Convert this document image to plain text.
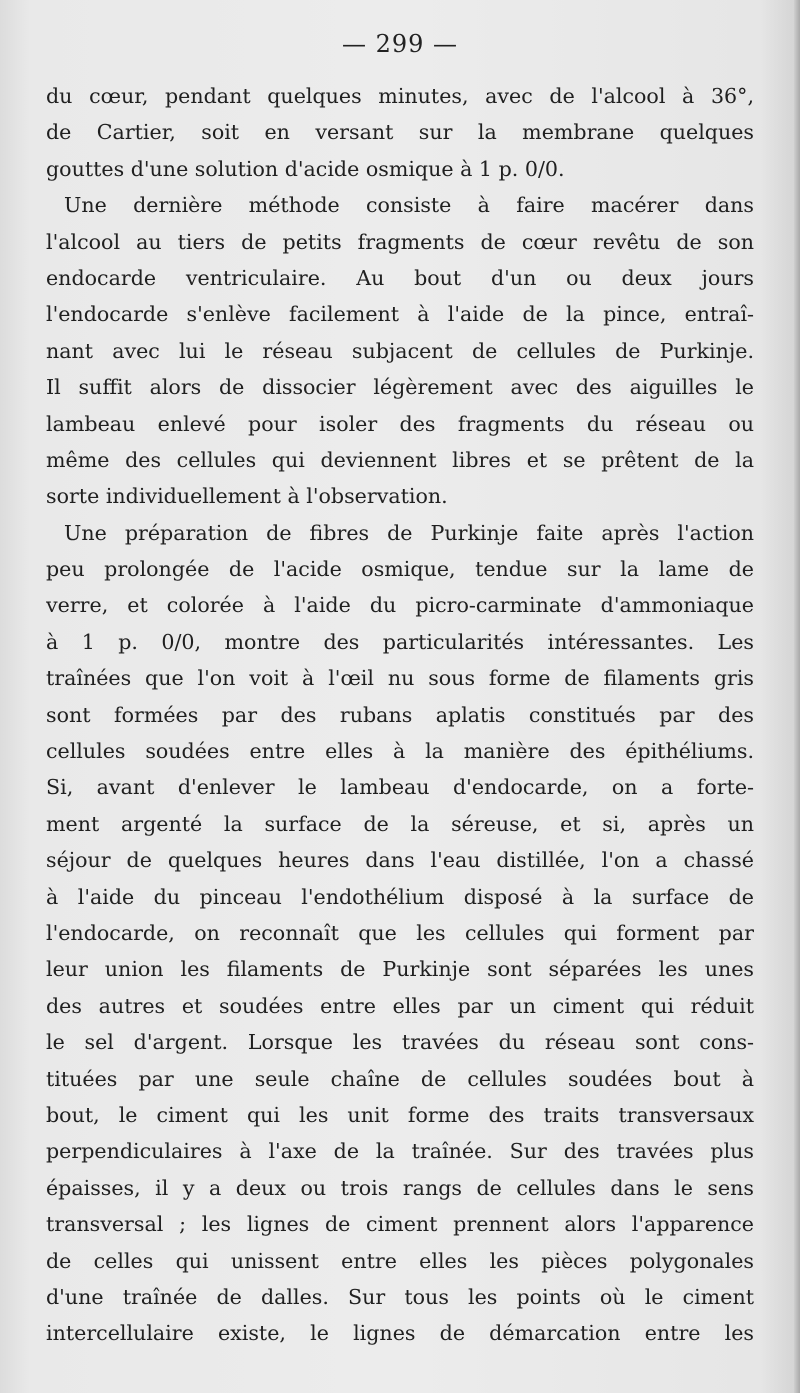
— 299 —
du cœur, pendant quelques minutes, avec de l'alcool à 36°,
de Cartier, soit en versant sur la membrane quelques
gouttes d'une solution d'acide osmique à 1 p. 0/0.
Une dernière méthode consiste à faire macérer dans
l'alcool au tiers de petits fragments de cœur revêtu de son
endocarde ventriculaire. Au bout d'un ou deux jours
l'endocarde s'enlève facilement à l'aide de la pince, entraî-
nant avec lui le réseau subjacent de cellules de Purkinje.
Il suffit alors de dissocier légèrement avec des aiguilles le
lambeau enlevé pour isoler des fragments du réseau ou
même des cellules qui deviennent libres et se prêtent de la
sorte individuellement à l'observation.
Une préparation de fibres de Purkinje faite après l'action
peu prolongée de l'acide osmique, tendue sur la lame de
verre, et colorée à l'aide du picro-carminate d'ammoniaque
à 1 p. 0/0, montre des particularités intéressantes. Les
traînées que l'on voit à l'œil nu sous forme de filaments gris
sont formées par des rubans aplatis constitués par des
cellules soudées entre elles à la manière des épithéliums.
Si, avant d'enlever le lambeau d'endocarde, on a forte-
ment argenté la surface de la séreuse, et si, après un
séjour de quelques heures dans l'eau distillée, l'on a chassé
à l'aide du pinceau l'endothélium disposé à la surface de
l'endocarde, on reconnaît que les cellules qui forment par
leur union les filaments de Purkinje sont séparées les unes
des autres et soudées entre elles par un ciment qui réduit
le sel d'argent. Lorsque les travées du réseau sont cons-
tituées par une seule chaîne de cellules soudées bout à
bout, le ciment qui les unit forme des traits transversaux
perpendiculaires à l'axe de la traînée. Sur des travées plus
épaisses, il y a deux ou trois rangs de cellules dans le sens
transversal ; les lignes de ciment prennent alors l'apparence
de celles qui unissent entre elles les pièces polygonales
d'une traînée de dalles. Sur tous les points où le ciment
intercellulaire existe, le lignes de démarcation entre les
